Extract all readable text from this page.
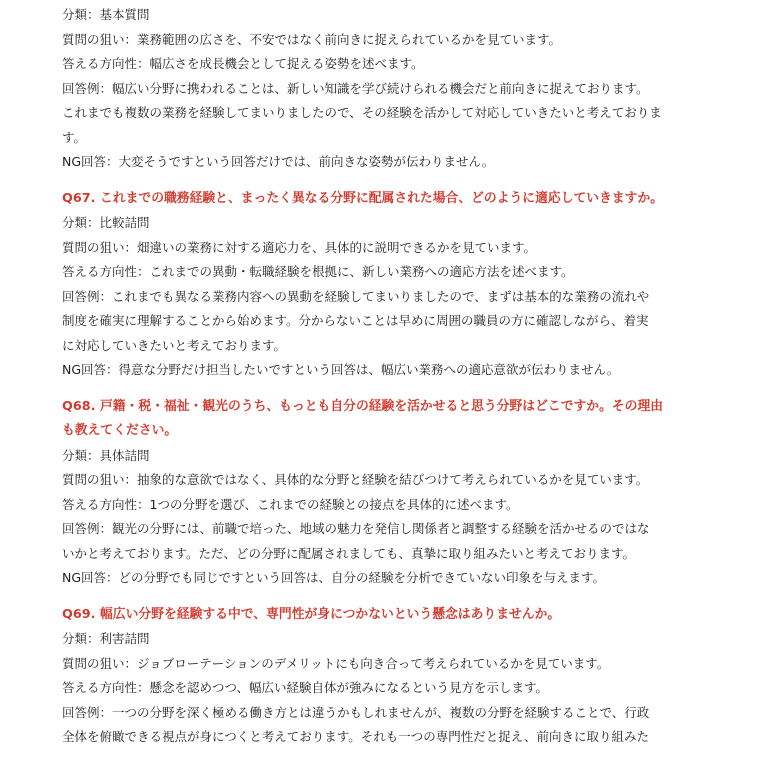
分類：基本質問

質問の狙い：業務範囲の広さを、不安ではなく前向きに捉えられているかを見ています。

答える方向性：幅広さを成長機会として捉える姿勢を述べます。

回答例：幅広い分野に携われることは、新しい知識を学び続けられる機会だと前向きに捉えております。

これまでも複数の業務を経験してまいりましたので、その経験を活かして対応していきたいと考えておりま

す。

NG回答：大変そうですという回答だけでは、前向きな姿勢が伝わりません。

Q67. これまでの職務経験と、まったく異なる分野に配属された場合、どのように適応していきますか。

分類：比較詰問

質問の狙い：畑違いの業務に対する適応力を、具体的に説明できるかを見ています。

答える方向性：これまでの異動・転職経験を根拠に、新しい業務への適応方法を述べます。

回答例：これまでも異なる業務内容への異動を経験してまいりましたので、まずは基本的な業務の流れや

制度を確実に理解することから始めます。分からないことは早めに周囲の職員の方に確認しながら、着実

に対応していきたいと考えております。

NG回答：得意な分野だけ担当したいですという回答は、幅広い業務への適応意欲が伝わりません。

Q68. 戸籍・税・福祉・観光のうち、もっとも自分の経験を活かせると思う分野はどこですか。その理由

も教えてください。

分類：具体詰問

質問の狙い：抽象的な意欲ではなく、具体的な分野と経験を結びつけて考えられているかを見ています。

答える方向性：1つの分野を選び、これまでの経験との接点を具体的に述べます。

回答例：観光の分野には、前職で培った、地域の魅力を発信し関係者と調整する経験を活かせるのではな

いかと考えております。ただ、どの分野に配属されましても、真摯に取り組みたいと考えております。

NG回答：どの分野でも同じですという回答は、自分の経験を分析できていない印象を与えます。

Q69. 幅広い分野を経験する中で、専門性が身につかないという懸念はありませんか。

分類：利害詰問

質問の狙い：ジョブローテーションのデメリットにも向き合って考えられているかを見ています。

答える方向性：懸念を認めつつ、幅広い経験自体が強みになるという見方を示します。

回答例：一つの分野を深く極める働き方とは違うかもしれませんが、複数の分野を経験することで、行政

全体を俯瞰できる視点が身につくと考えております。それも一つの専門性だと捉え、前向きに取り組みた
